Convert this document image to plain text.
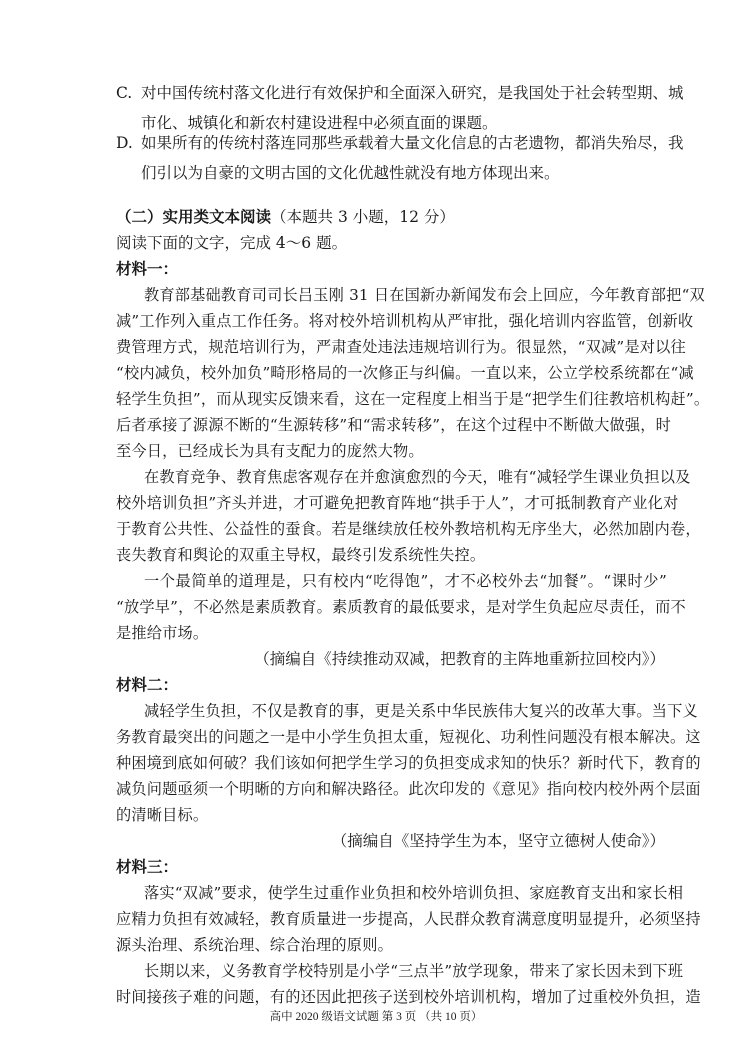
C. 对中国传统村落文化进行有效保护和全面深入研究，是我国处于社会转型期、城
市化、城镇化和新农村建设进程中必须直面的课题。
D. 如果所有的传统村落连同那些承载着大量文化信息的古老遗物，都消失殆尽，我
们引以为自豪的文明古国的文化优越性就没有地方体现出来。
（二）实用类文本阅读（本题共 3 小题，12 分）
阅读下面的文字，完成 4～6 题。
材料一：
教育部基础教育司司长吕玉刚 31 日在国新办新闻发布会上回应，今年教育部把“双
减”工作列入重点工作任务。将对校外培训机构从严审批，强化培训内容监管，创新收
费管理方式，规范培训行为，严肃查处违法违规培训行为。很显然，“双减”是对以往
“校内减负，校外加负”畸形格局的一次修正与纠偏。一直以来，公立学校系统都在“减
轻学生负担”，而从现实反馈来看，这在一定程度上相当于是“把学生们往教培机构赶”。
后者承接了源源不断的“生源转移”和“需求转移”，在这个过程中不断做大做强，时
至今日，已经成长为具有支配力的庞然大物。
在教育竞争、教育焦虑客观存在并愈演愈烈的今天，唯有“减轻学生课业负担以及
校外培训负担”齐头并进，才可避免把教育阵地“拱手于人”，才可抵制教育产业化对
于教育公共性、公益性的蚕食。若是继续放任校外教培机构无序坐大，必然加剧内卷，
丧失教育和舆论的双重主导权，最终引发系统性失控。
一个最简单的道理是，只有校内“吃得饱”，才不必校外去“加餐”。“课时少”
“放学早”，不必然是素质教育。素质教育的最低要求，是对学生负起应尽责任，而不
是推给市场。
（摘编自《持续推动双减，把教育的主阵地重新拉回校内》）
材料二：
减轻学生负担，不仅是教育的事，更是关系中华民族伟大复兴的改革大事。当下义
务教育最突出的问题之一是中小学生负担太重，短视化、功利性问题没有根本解决。这
种困境到底如何破？我们该如何把学生学习的负担变成求知的快乐？新时代下，教育的
减负问题亟须一个明晰的方向和解决路径。此次印发的《意见》指向校内校外两个层面
的清晰目标。
（摘编自《坚持学生为本，坚守立德树人使命》）
材料三：
落实“双减”要求，使学生过重作业负担和校外培训负担、家庭教育支出和家长相
应精力负担有效减轻，教育质量进一步提高，人民群众教育满意度明显提升，必须坚持
源头治理、系统治理、综合治理的原则。
长期以来，义务教育学校特别是小学“三点半”放学现象，带来了家长因未到下班
时间接孩子难的问题，有的还因此把孩子送到校外培训机构，增加了过重校外负担，造
高中 2020 级语文试题 第 3 页 （共 10 页）
